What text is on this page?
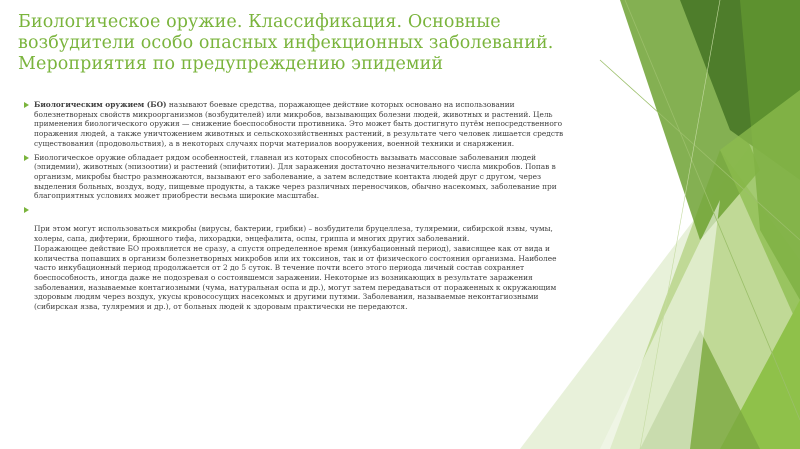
Биологическое оружие. Классификация. Основные возбудители особо опасных инфекционных заболеваний. Мероприятия по предупреждению эпидемий

Биологическим оружием (БО) называют боевые средства, поражающее действие которых основано на использовании болезнетворных свойств микроорганизмов (возбудителей) или микробов, вызывающих болезни людей, животных и растений. Цель применения биологического оружия — снижение боеспособности противника. Это может быть достигнуто путём непосредственного поражения людей, а также уничтожением животных и сельскохозяйственных растений, в результате чего человек лишается средств существования (продовольствия), а в некоторых случаях порчи материалов вооружения, военной техники и снаряжения.

Биологическое оружие обладает рядом особенностей, главная из которых способность вызывать массовые заболевания людей (эпидемии), животных (эпизоотии) и растений (эпифитотии). Для заражения достаточно незначительного числа микробов. Попав в организм, микробы быстро размножаются, вызывают его заболевание, а затем вследствие контакта людей друг с другом, через выделения больных, воздух, воду, пищевые продукты, а также через различных переносчиков, обычно насекомых, заболевание при благоприятных условиях может приобрести весьма широкие масштабы.

При этом могут использоваться микробы (вирусы, бактерии, грибки) – возбудители бруцеллеза, туляремии, сибирской язвы, чумы, холеры, сапа, дифтерии, брюшного тифа, лихорадки, энцефалита, оспы, гриппа и многих других заболеваний.
Поражающее действие БО проявляется не сразу, а спустя определенное время (инкубационный период), зависящее как от вида и количества попавших в организм болезнетворных микробов или их токсинов, так и от физического состояния организма. Наиболее часто инкубационный период продолжается от 2 до 5 суток. В течение почти всего этого периода личный состав сохраняет боеспособность, иногда даже не подозревая о состоявшемся заражении. Некоторые из возникающих в результате заражения заболевания, называемые контагиозными (чума, натуральная оспа и др.), могут затем передаваться от пораженных к окружающим здоровым людям через воздух, укусы кровососущих насекомых и другими путями. Заболевания, называемые неконтагиозными (сибирская язва, туляремия и др.), от больных людей к здоровым практически не передаются.
